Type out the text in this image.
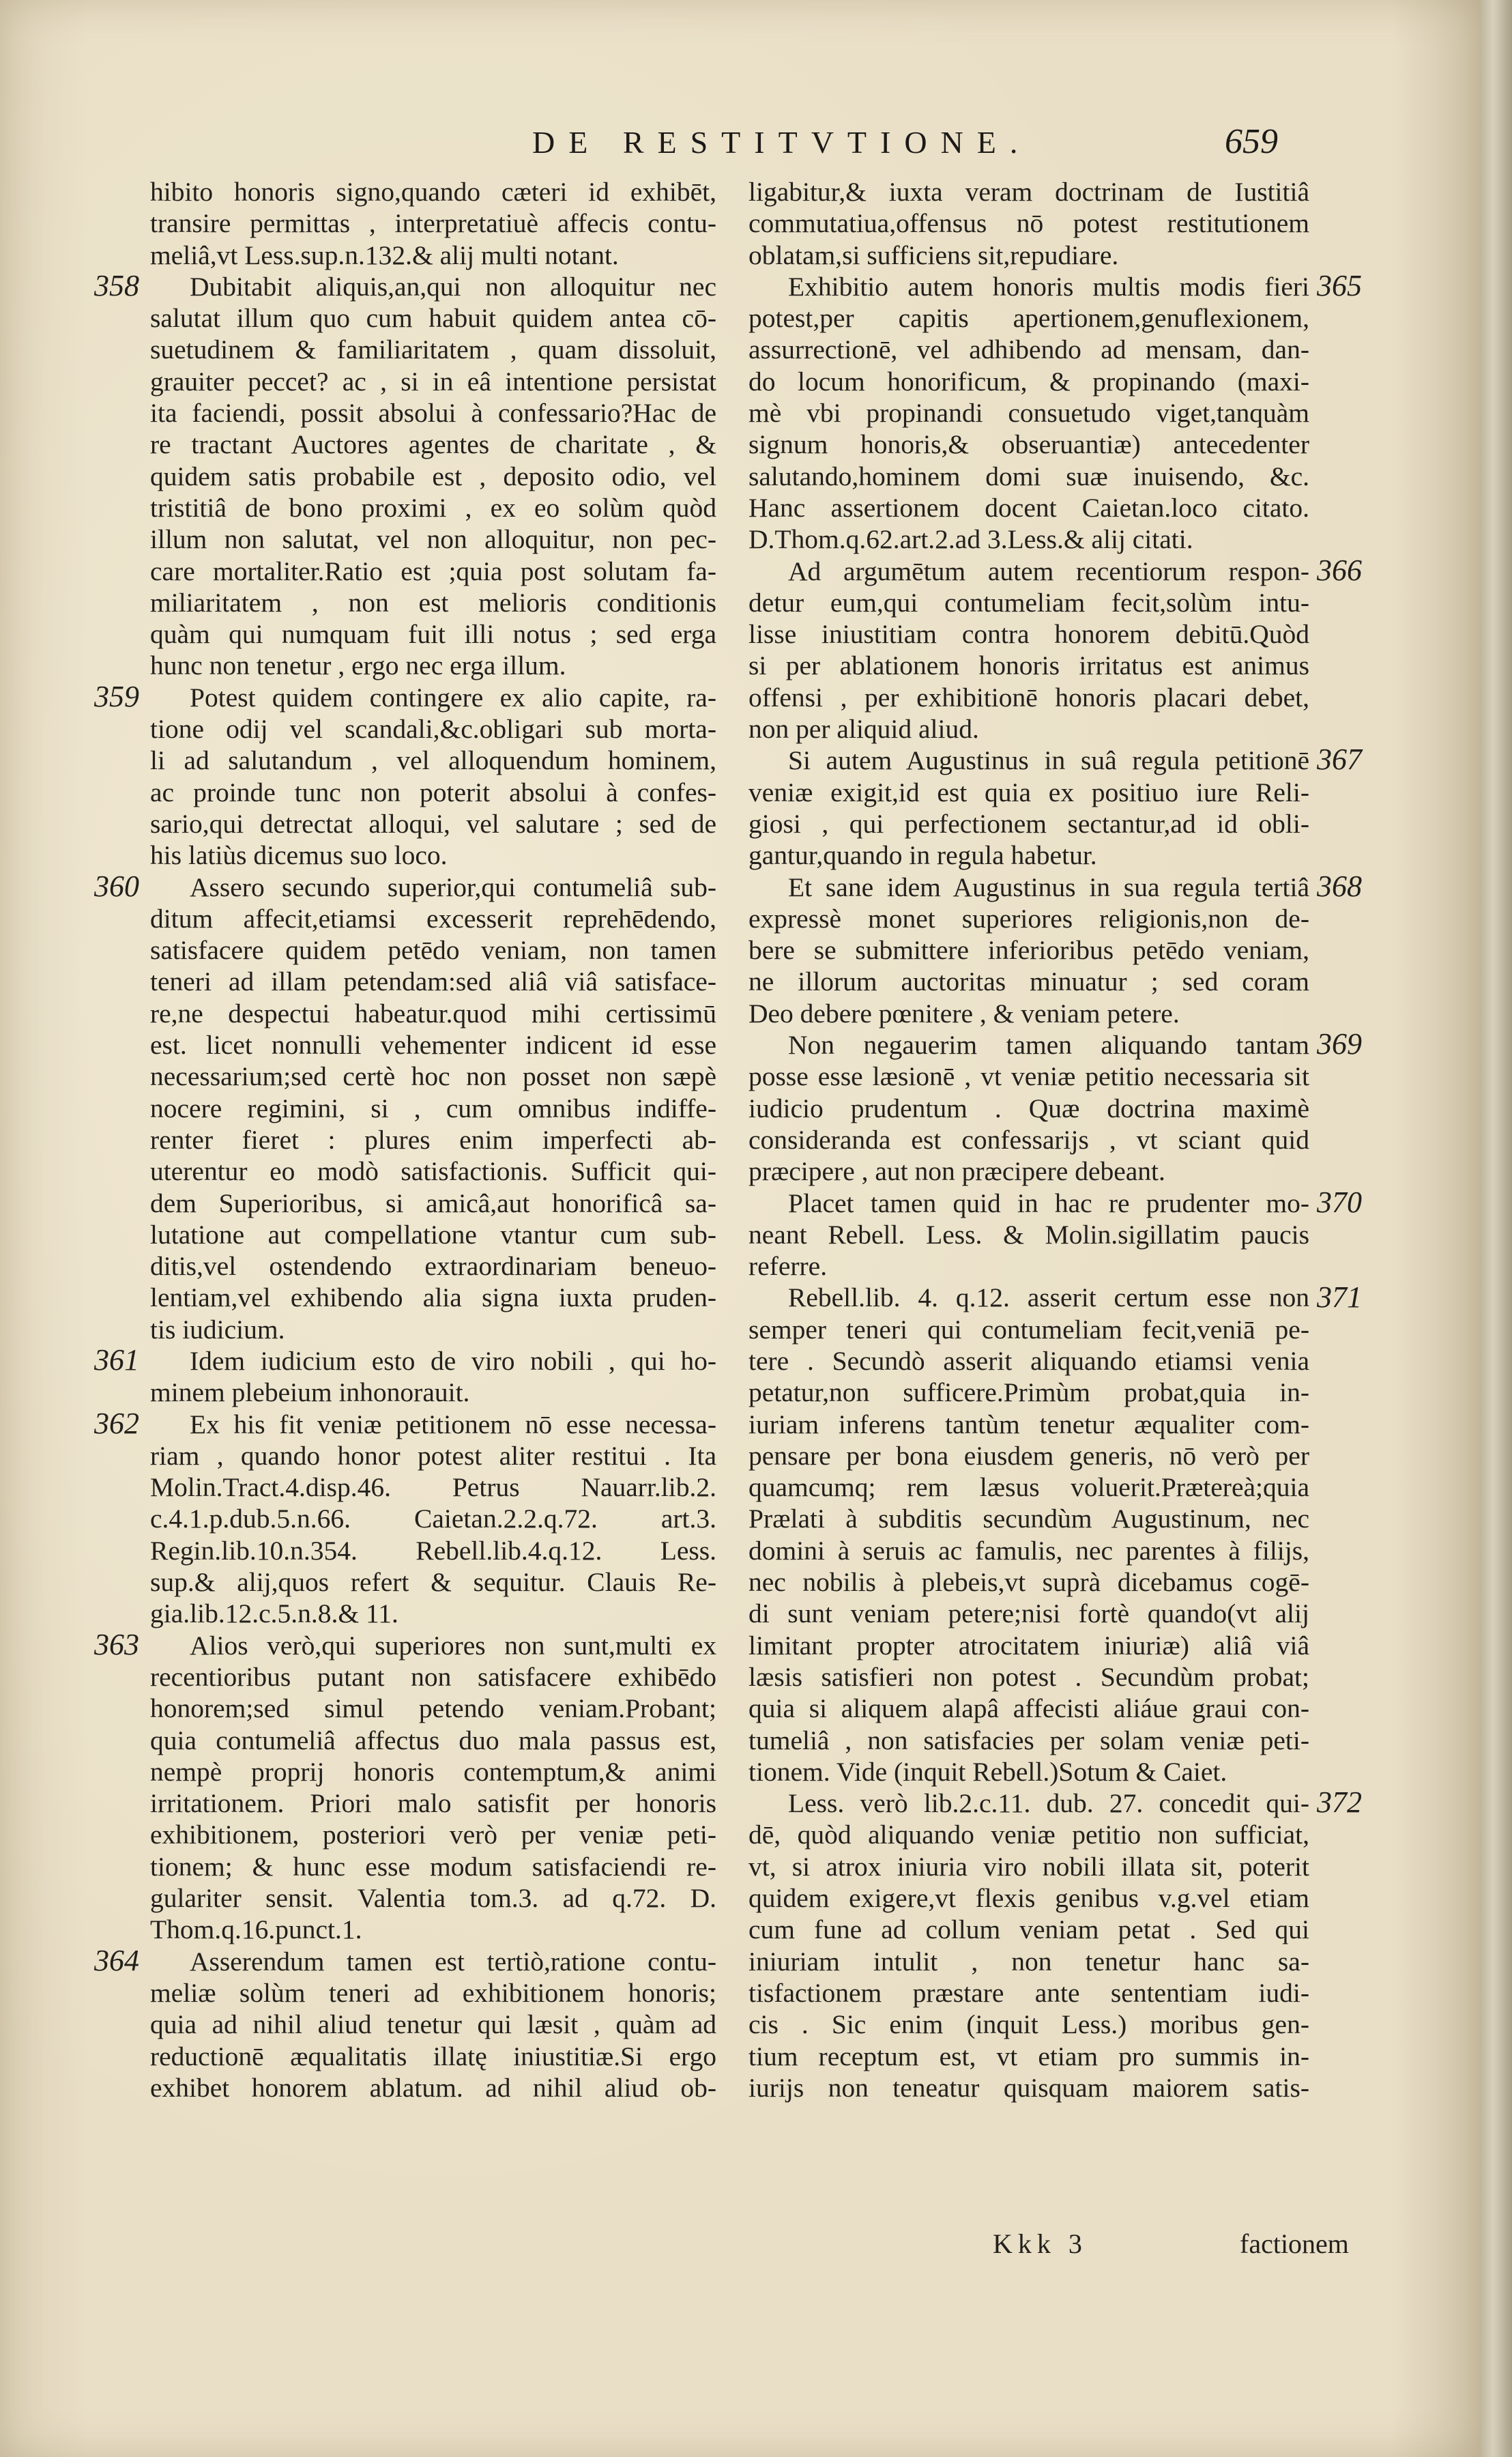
DE RESTITVTIONE.	659
hibito honoris signo,quando cæteri id exhibēt,
transire permittas , interpretatiuè affecis contu-
meliâ,vt Less.sup.n.132.& alij multi notant.
Dubitabit aliquis,an,qui non alloquitur nec
salutat illum quo cum habuit quidem antea cō-
suetudinem & familiaritatem , quam dissoluit,
grauiter peccet? ac , si in eâ intentione persistat
ita faciendi, possit absolui à confessario?Hac de
re tractant Auctores agentes de charitate , &
quidem satis probabile est , deposito odio, vel
tristitiâ de bono proximi , ex eo solùm quòd
illum non salutat, vel non alloquitur, non pec-
care mortaliter.Ratio est ;quia post solutam fa-
miliaritatem , non est melioris conditionis
quàm qui numquam fuit illi notus ; sed erga
hunc non tenetur , ergo nec erga illum.
Potest quidem contingere ex alio capite, ra-
tione odij vel scandali,&c.obligari sub mortа-
li ad salutandum , vel alloquendum hominem,
ac proinde tunc non poterit absolui à confes-
sario,qui detrectat alloqui, vel salutare ; sed de
his latiùs dicemus suo loco.
Assero secundo superior,qui contumeliâ sub-
ditum affecit,etiamsi excesserit reprehēdendo,
satisfacere quidem petēdo veniam, non tamen
teneri ad illam petendam:sed aliâ viâ satisface-
re,ne despectui habeatur.quod mihi certissimū
est. licet nonnulli vehementer indicent id esse
necessarium;sed certè hoc non posset non sæpè
nocere regimini, si , cum omnibus indiffe-
renter fieret : plures enim imperfecti ab-
uterentur eo modò satisfactionis. Sufficit qui-
dem Superioribus, si amicâ,aut honorificâ sa-
lutatione aut compellatione vtantur cum sub-
ditis,vel ostendendo extraordinariam beneuo-
lentiam,vel exhibendo alia signa iuxta pruden-
tis iudicium.
Idem iudicium esto de viro nobili , qui ho-
minem plebeium inhonorauit.
Ex his fit veniæ petitionem nō esse necessa-
riam , quando honor potest aliter restitui . Ita
Molin.Tract.4.disp.46. Petrus Nauarr.lib.2.
c.4.1.p.dub.5.n.66. Caietan.2.2.q.72. art.3.
Regin.lib.10.n.354. Rebell.lib.4.q.12. Less.
sup.& alij,quos refert & sequitur. Clauis Re-
gia.lib.12.c.5.n.8.& 11.
Alios verò,qui superiores non sunt,multi ex
recentioribus putant non satisfacere exhibēdo
honorem;sed simul petendo veniam.Probant;
quia contumeliâ affectus duo mala passus est,
nempè proprij honoris contemptum,& animi
irritationem. Priori malo satisfit per honoris
exhibitionem, posteriori verò per veniæ peti-
tionem; & hunc esse modum satisfaciendi re-
gulariter sensit. Valentia tom.3. ad q.72. D.
Thom.q.16.punct.1.
Asserendum tamen est tertiò,ratione contu-
meliæ solùm teneri ad exhibitionem honoris;
quia ad nihil aliud tenetur qui læsit , quàm ad
reductionē æqualitatis illatę iniustitiæ.Si ergo
exhibet honorem ablatum. ad nihil aliud ob-
ligabitur,& iuxta veram doctrinam de Iustitiâ
commutatiua,offensus nō potest restitutionem
oblatam,si sufficiens sit,repudiare.
Exhibitio autem honoris multis modis fieri
potest,per capitis apertionem,genuflexionem,
assurrectionē, vel adhibendo ad mensam, dan-
do locum honorificum, & propinando (maxi-
mè vbi propinandi consuetudo viget,tanquàm
signum honoris,& obseruantiæ) antecedenter
salutando,hominem domi suæ inuisendo, &c.
Hanc assertionem docent Caietan.loco citato.
D.Thom.q.62.art.2.ad 3.Less.& alij citati.
Ad argumētum autem recentiorum respon-
detur eum,qui contumeliam fecit,solùm intu-
lisse iniustitiam contra honorem debitū.Quòd
si per ablationem honoris irritatus est animus
offensi , per exhibitionē honoris placari debet,
non per aliquid aliud.
Si autem Augustinus in suâ regula petitionē
veniæ exigit,id est quia ex positiuo iure Reli-
giosi , qui perfectionem sectantur,ad id obli-
gantur,quando in regula habetur.
Et sane idem Augustinus in sua regula tertiâ
expressè monet superiores religionis,non de-
bere se submittere inferioribus petēdo veniam,
ne illorum auctoritas minuatur ; sed coram
Deo debere pœnitere , & veniam petere.
Non negauerim tamen aliquando tantam
posse esse læsionē , vt veniæ petitio necessaria sit
iudicio prudentum . Quæ doctrina maximè
consideranda est confessarijs , vt sciant quid
præcipere , aut non præcipere debeant.
Placet tamen quid in hac re prudenter mo-
neant Rebell. Less. & Molin.sigillatim paucis
referre.
Rebell.lib. 4. q.12. asserit certum esse non
semper teneri qui contumeliam fecit,veniā pe-
tere . Secundò asserit aliquando etiamsi venia
petatur,non sufficere.Primùm probat,quia in-
iuriam inferens tantùm tenetur æqualiter com-
pensare per bona eiusdem generis, nō verò per
quamcumq; rem læsus voluerit.Prætereà;quia
Prælati à subditis secundùm Augustinum, nec
domini à seruis ac famulis, nec parentes à filijs,
nec nobilis à plebeis,vt suprà dicebamus cogē-
di sunt veniam petere;nisi fortè quando(vt alij
limitant propter atrocitatem iniuriæ) aliâ viâ
læsis satisfieri non potest . Secundùm probat;
quia si aliquem alapâ affecisti aliáue graui con-
tumeliâ , non satisfacies per solam veniæ peti-
tionem. Vide (inquit Rebell.)Sotum & Caiet.
Less. verò lib.2.c.11. dub. 27. concedit qui-
dē, quòd aliquando veniæ petitio non sufficiat,
vt, si atrox iniuria viro nobili illata sit, poterit
quidem exigere,vt flexis genibus v.g.vel etiam
cum fune ad collum veniam petat . Sed qui
iniuriam intulit , non tenetur hanc sa-
tisfactionem præstare ante sententiam iudi-
cis . Sic enim (inquit Less.) moribus gen-
tium receptum est, vt etiam pro summis in-
iurijs non teneatur quisquam maiorem satis-
358
359
360
361
362
363
364
365
366
367
368
369
370
371
372
Kkk 3	factionem
